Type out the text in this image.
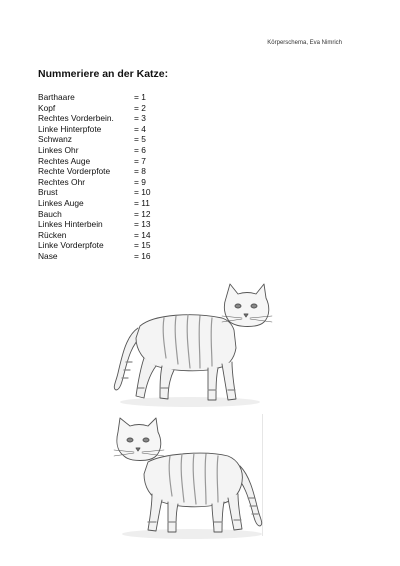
Körperschema, Eva Nimrich
Nummeriere an der Katze:
Barthaare	= 1
Kopf	= 2
Rechtes Vorderbein.	= 3
Linke Hinterpfote	= 4
Schwanz	= 5
Linkes Ohr	= 6
Rechtes Auge	= 7
Rechte Vorderpfote	= 8
Rechtes Ohr	= 9
Brust	= 10
Linkes Auge	= 11
Bauch	= 12
Linkes Hinterbein	= 13
Rücken	= 14
Linke Vorderpfote	= 15
Nase	= 16
